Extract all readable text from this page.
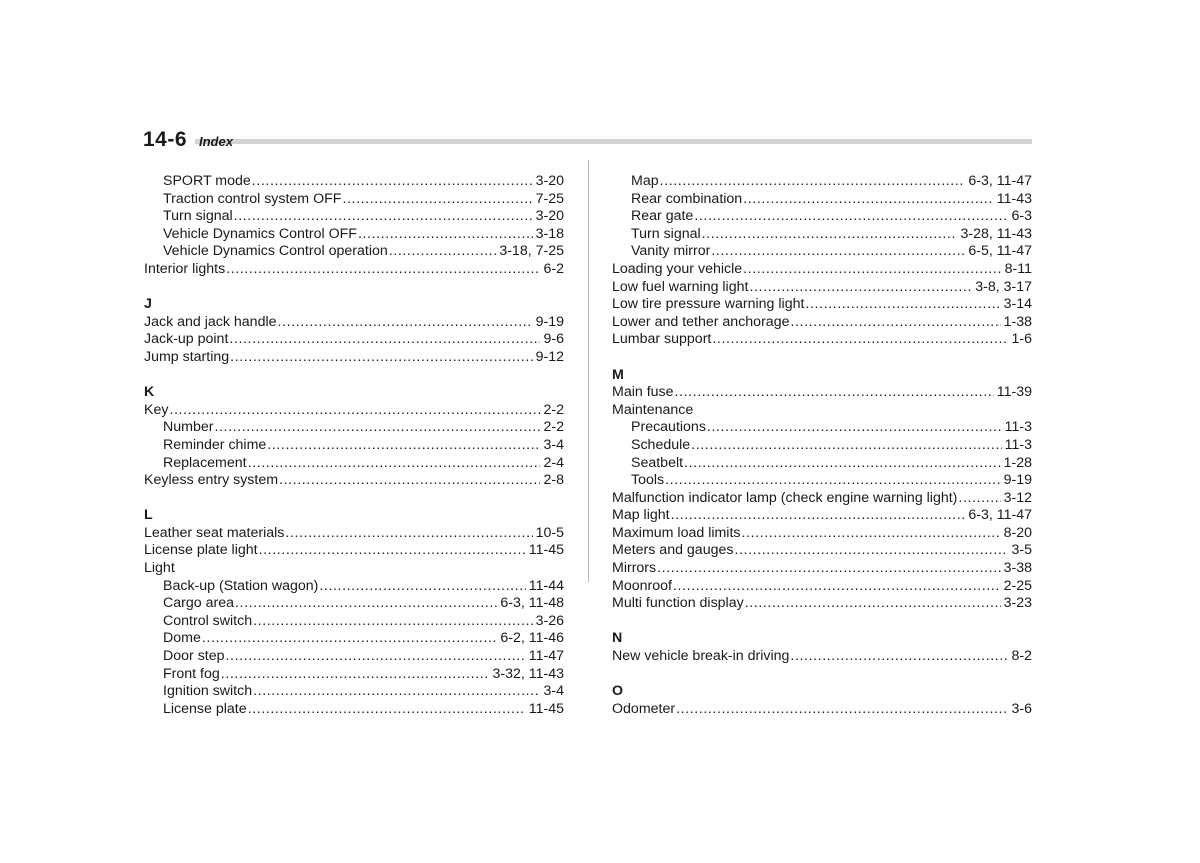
14-6 Index
SPORT mode .....	3-20
Traction control system OFF .....	7-25
Turn signal .....	3-20
Vehicle Dynamics Control OFF .....	3-18
Vehicle Dynamics Control operation .....	3-18, 7-25
Interior lights .....	6-2
J
Jack and jack handle .....	9-19
Jack-up point .....	9-6
Jump starting .....	9-12
K
Key .....	2-2
Number .....	2-2
Reminder chime .....	3-4
Replacement .....	2-4
Keyless entry system .....	2-8
L
Leather seat materials .....	10-5
License plate light .....	11-45
Light
Back-up (Station wagon) .....	11-44
Cargo area .....	6-3, 11-48
Control switch .....	3-26
Dome .....	6-2, 11-46
Door step .....	11-47
Front fog .....	3-32, 11-43
Ignition switch .....	3-4
License plate .....	11-45
Map .....	6-3, 11-47
Rear combination .....	11-43
Rear gate .....	6-3
Turn signal .....	3-28, 11-43
Vanity mirror .....	6-5, 11-47
Loading your vehicle .....	8-11
Low fuel warning light .....	3-8, 3-17
Low tire pressure warning light .....	3-14
Lower and tether anchorage .....	1-38
Lumbar support .....	1-6
M
Main fuse .....	11-39
Maintenance
Precautions .....	11-3
Schedule .....	11-3
Seatbelt .....	1-28
Tools .....	9-19
Malfunction indicator lamp (check engine warning light) .....	3-12
Map light .....	6-3, 11-47
Maximum load limits .....	8-20
Meters and gauges .....	3-5
Mirrors .....	3-38
Moonroof .....	2-25
Multi function display .....	3-23
N
New vehicle break-in driving .....	8-2
O
Odometer .....	3-6
